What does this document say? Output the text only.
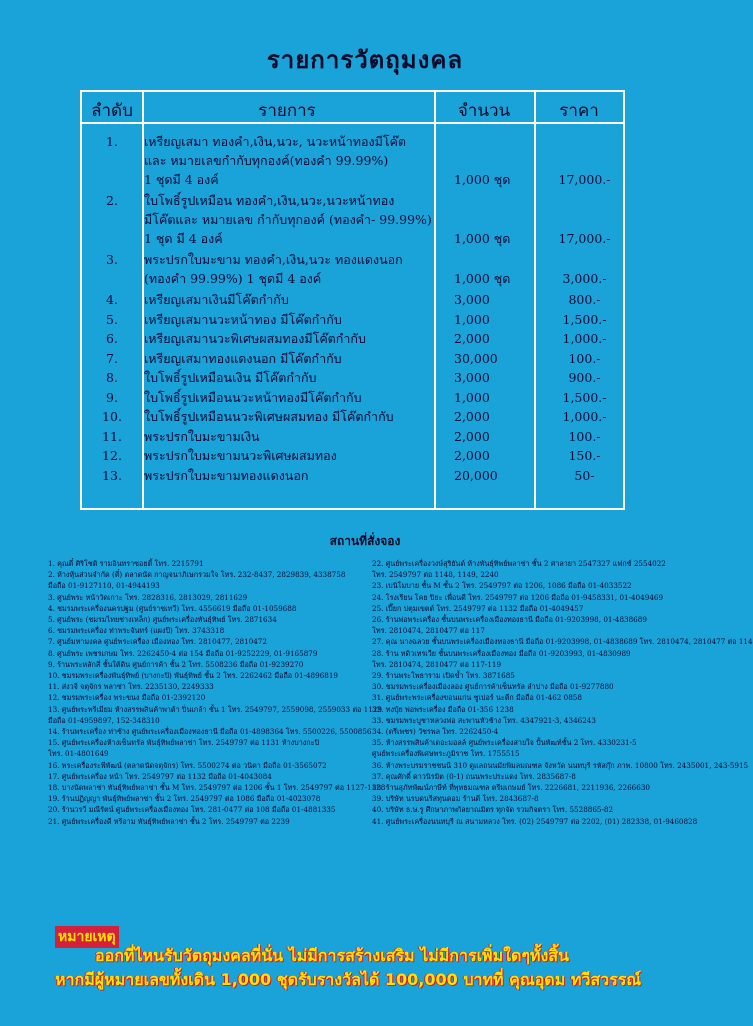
รายการวัตถุมงคล
ลำดับ	รายการ	จำนวน	ราคา
1.	เหรียญเสมา ทองคำ,เงิน,นวะ, นวะหน้าทองมีโค๊ต
และ หมายเลขกำกับทุกองค์(ทองคำ 99.99%)
1 ชุดมี 4 องค์	1,000 ชุด	17,000.-
2.	ใบโพธิ์รูปเหมือน ทองคำ,เงิน,นวะ,นวะหน้าทอง
มีโค๊ตและ หมายเลข กำกับทุกองค์ (ทองคำ- 99.99%)
1 ชุด มี 4 องค์	1,000 ชุด	17,000.-
3.	พระปรกใบมะขาม ทองคำ,เงิน,นวะ ทองแดงนอก
(ทองคำ 99.99%) 1 ชุดมี 4 องค์	1,000 ชุด	3,000.-
4.	เหรียญเสมาเงินมีโค๊ตกำกับ	3,000	800.-
5.	เหรียญเสมานวะหน้าทอง มีโค๊ตกำกับ	1,000	1,500.-
6.	เหรียญเสมานวะพิเศษผสมทองมีโค๊ตกำกับ	2,000	1,000.-
7.	เหรียญเสมาทองแดงนอก มีโค๊ตกำกับ	30,000	100.-
8.	ใบโพธิ์รูปเหมือนเงิน มีโค๊ตกำกับ	3,000	900.-
9.	ใบโพธิ์รูปเหมือนนวะหน้าทองมีโค๊ตกำกับ	1,000	1,500.-
10.	ใบโพธิ์รูปเหมือนนวะพิเศษผสมทอง มีโค๊ตกำกับ	2,000	1,000.-
11.	พระปรกใบมะขามเงิน	2,000	100.-
12.	พระปรกใบมะขามนวะพิเศษผสมทอง	2,000	150.-
13.	พระปรกใบมะขามทองแดงนอก	20,000	50-
สถานที่สั่งจอง
1. คุณตี๋ ศิริโชติ รามอินทราซอยตี้ โทร. 2215791
2. ห้างหุ้นส่วนจำกัด (ตี๋) ตลาดนัด กาญจนาภิเษกรวมใจ โทร. 232-8437, 2829839, 4338758
มือถือ 01-9127110, 01-4944193
3. ศูนย์พระ หน้าวัดเกาะ โทร. 2828316, 2813029, 2811629
4. ชมรมพระเครื่องนครปฐม (ศูนย์ราชเทวี) โทร. 4556619 มือถือ 01-1059688
5. ศูนย์พระ (ชมรมไทยช่างเหล็ก) ศูนย์พระเครื่องพันธุ์ทิพย์ โทร. 2871634
6. ชมรมพระเครื่อง ท่าพระจันทร์ (แผงปี) โทร. 3743318
7. ศูนย์มหามงคล ศูนย์พระเครื่อง เมืองทอง โทร. 2810477, 2810472
8. ศูนย์พระ เพชรเกษม โทร. 2262450-4 ต่อ 154 มือถือ 01-9252229, 01-9165879
9. ร้านพระหลักสี่ ชั้นใต้ดิน ศูนย์การค้า ชั้น 2 โทร. 5508236 มือถือ 01-9239270
10. ชมรมพระเครื่องพันธุ์ทิพย์ (บางกะปิ) พันธุ์ทิพย์ ชั้น 2 โทร. 2262462 มือถือ 01-4896819
11. ส่งวจี จตุจักร พลาซ่า โทร. 2235130, 2249333
12. ชมรมพระเครื่อง พระขนง มือถือ 01-2392120
13. ศูนย์พระพรีเมียม ห้างสรรพสินค้าพาต้า ปิ่นเกล้า ชั้น 1 โทร. 2549797, 2559098, 2559033 ต่อ 1129
มือถือ 01-4959897, 152-348310
14. ร้านพระเครื่อง ท่าช้าง ศูนย์พระเครื่องเมืองทองธานี มือถือ 01-4898364 โทร. 5500226, 5500856
15. ศูนย์พระเครื่องห้างเซ็นทรัล พันธุ์ทิพย์พลาซ่า โทร. 2549797 ต่อ 1131 ห้างบางกะปิ
โทร. 01-4801649
16. พระเครื่องระพีพัฒน์ (ตลาดนัดจตุจักร) โทร. 5500274 ต่อ วนิดา มือถือ 01-3565072
17. ศูนย์พระเครื่อง หน้า โทร. 2549797 ต่อ 1132 มือถือ 01-4043084
18. บางนัดพลาซ่า พันธุ์ทิพย์พลาซ่า ชั้น M โทร. 2549797 ต่อ 1206 ชั้น 1 โทร. 2549797 ต่อ 1127-1128
19. ร้านปฏิญญา พันธุ์ทิพย์พลาซ่า ชั้น 2 โทร. 2549797 ต่อ 1086 มือถือ 01-4023078
20. ร้านวรวี มณีรัตน์ ศูนย์พระเครื่องเมืองทอง โทร. 281-0477 ต่อ 108 มือถือ 01-4881335
21. ศูนย์พระเครื่องดี หรีอาม พันธุ์ทิพย์พลาซ่า ชั้น 2 โทร. 2549797 ต่อ 2239
22. ศูนย์พระเครื่องวงษ์สุริยันต์ ห้างพันธุ์ทิพย์พลาซ่า ชั้น 2 ศาลายา 2547327 แฟกซ์ 2554022
โทร. 2549797 ต่อ 1148, 1149, 2240
23. เบนิโมบาย ชั้น M ชั้น 2 โทร. 2549797 ต่อ 1206, 1086 มือถือ 01-4033522
24. โรงเรียน โคย ปิยะ เพื่อนดี โทร. 2549797 ต่อ 1206 มือถือ 01-9458331, 01-4049469
25. เปี๊ยก ปตุมเขตต์ โทร. 2549797 ต่อ 1132 มือถือ 01-4049457
26. ร้านพ่อพระเครื่อง ชั้นบนพระเครื่องเมืองทองธานี มือถือ 01-9203998, 01-4838689
โทร. 2810474, 2810477 ต่อ 117
27. คุณ นางฉลวย ชั้นบนพระเครื่องเมืองทองธานี มือถือ 01-9203998, 01-4838689 โทร. 2810474, 2810477 ต่อ 114
28. ร้าน ทดิวเทรเวีย ชั้นบนพระเครื่องเมืองทอง มือถือ 01-9203993, 01-4830989
โทร. 2810474, 2810477 ต่อ 117-119
29. ร้านพระโพธาราม เปิดข้ำ โทร. 3871685
30. ชมรมพระเครื่องเมืองลอง ศูนย์การค้าเซ็นทรัล ลำปาง มือถือ 01-9277880
31. ศูนย์พระพระเครื่องขอนแก่น ซูเปอร์ นะตีก มือถือ 01-462 0858
32. ทงปุ๋ย พ่อพระเครื่อง มือถือ 01-356 1238
33. ชมรมพระบูชาหลวงพ่อ สะพานหัวช้าง โทร. 4347921-3, 4346243
34. (ตรีเพชร) วัชรพล โทร. 2262450-4
35. ห้างสรรพสินค้าเดอะมอลล์ ศูนย์พระเครื่องสายใจ ปั้นพัฒท์ชั้น 2 โทร. 4330231-5
ศูนย์พระเครื่องพิเศษพระภูมิราช โทร. 1755515
36. ห้างพระบรมราชชนนี 310 ดูแลถนนมัยพิมลมณฑล จังหวัด นนทบุรี รหัสกุ๊ก ภาพ. 10800 โทร. 2435001, 243-5915
37. คุณศักดิ์ ดาวนิรมิต (0-1) ถนนพระประแดง โทร. 2835687-8
38. ร้านสุภัทพัฒน์ภาษีท์ ที่พุทธมณฑล ตรีมเกษมย์ โทร. 2226681, 2211936, 2266630
39. บริษัท นรบดนรีสทุนดอม ร้านดี โทร. 2843687-8
40. บริษัท ธ.ษ.รู ศึกษาภาพกัลยาณมิตร ทุกจัด รวมกิจตรา โทร. 5528865-82
41. ศูนย์พระเครื่องนนทบุรี ณ สนามหลวง โทร. (02) 2549797 ต่อ 2202, (01) 282338, 01-9460828
หมายเหตุ
ออกที่ไหนรับวัตถุมงคลที่นั่น ไม่มีการสร้างเสริม ไม่มีการเพิ่มใดๆทั้งสิ้น
หากมีผู้หมายเลขทั้งเดิน 1,000 ชุดรับรางวัลได้ 100,000 บาทที่ คุณอุดม ทวีสวรรณ์
